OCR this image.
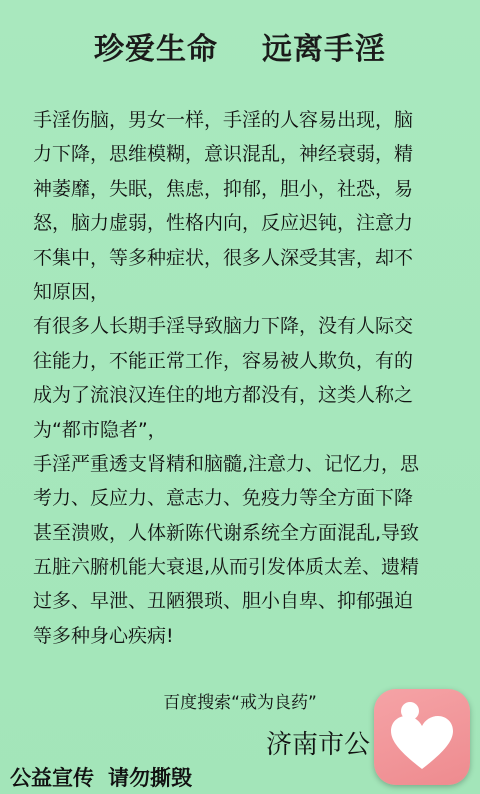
珍爱生命 远离手淫
手淫伤脑，男女一样，手淫的人容易出现，脑
力下降，思维模糊，意识混乱，神经衰弱，精
神萎靡，失眠，焦虑，抑郁，胆小，社恐，易
怒，脑力虚弱，性格内向，反应迟钝，注意力
不集中，等多种症状，很多人深受其害，却不
知原因，
有很多人长期手淫导致脑力下降，没有人际交
往能力，不能正常工作，容易被人欺负，有的
成为了流浪汉连住的地方都没有，这类人称之
为“都市隐者”，
手淫严重透支肾精和脑髓,注意力、记忆力，思
考力、反应力、意志力、免疫力等全方面下降
甚至溃败，人体新陈代谢系统全方面混乱,导致
五脏六腑机能大衰退,从而引发体质太差、遗精
过多、早泄、丑陋猥琐、胆小自卑、抑郁强迫
等多种身心疾病!
百度搜索“戒为良药”
济南市公
公益宣传 请勿撕毁
